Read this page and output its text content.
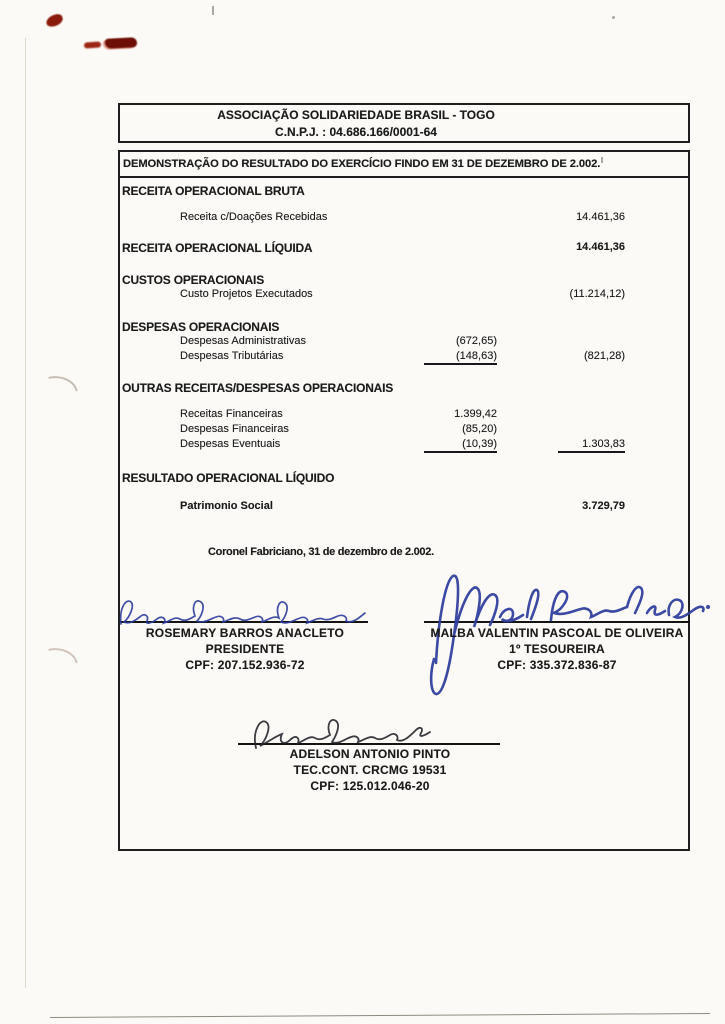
ASSOCIAÇÃO SOLIDARIEDADE BRASIL - TOGO
C.N.P.J. : 04.686.166/0001-64
DEMONSTRAÇÃO DO RESULTADO DO EXERCÍCIO FINDO EM 31 DE DEZEMBRO DE 2.002.
RECEITA OPERACIONAL BRUTA
Receita c/Doações Recebidas	14.461,36
RECEITA OPERACIONAL LÍQUIDA	14.461,36
CUSTOS OPERACIONAIS
Custo Projetos Executados	(11.214,12)
DESPESAS OPERACIONAIS
Despesas Administrativas	(672,65)
Despesas Tributárias	(148,63)	(821,28)
OUTRAS RECEITAS/DESPESAS OPERACIONAIS
Receitas Financeiras	1.399,42
Despesas Financeiras	(85,20)
Despesas Eventuais	(10,39)	1.303,83
RESULTADO OPERACIONAL LÍQUIDO
Patrimonio Social	3.729,79
Coronel Fabriciano, 31 de dezembro de 2.002.
ROSEMARY BARROS ANACLETO
PRESIDENTE
CPF: 207.152.936-72
MALBA VALENTIN PASCOAL DE OLIVEIRA
1º TESOUREIRA
CPF: 335.372.836-87
ADELSON ANTONIO PINTO
TEC.CONT. CRCMG 19531
CPF: 125.012.046-20
